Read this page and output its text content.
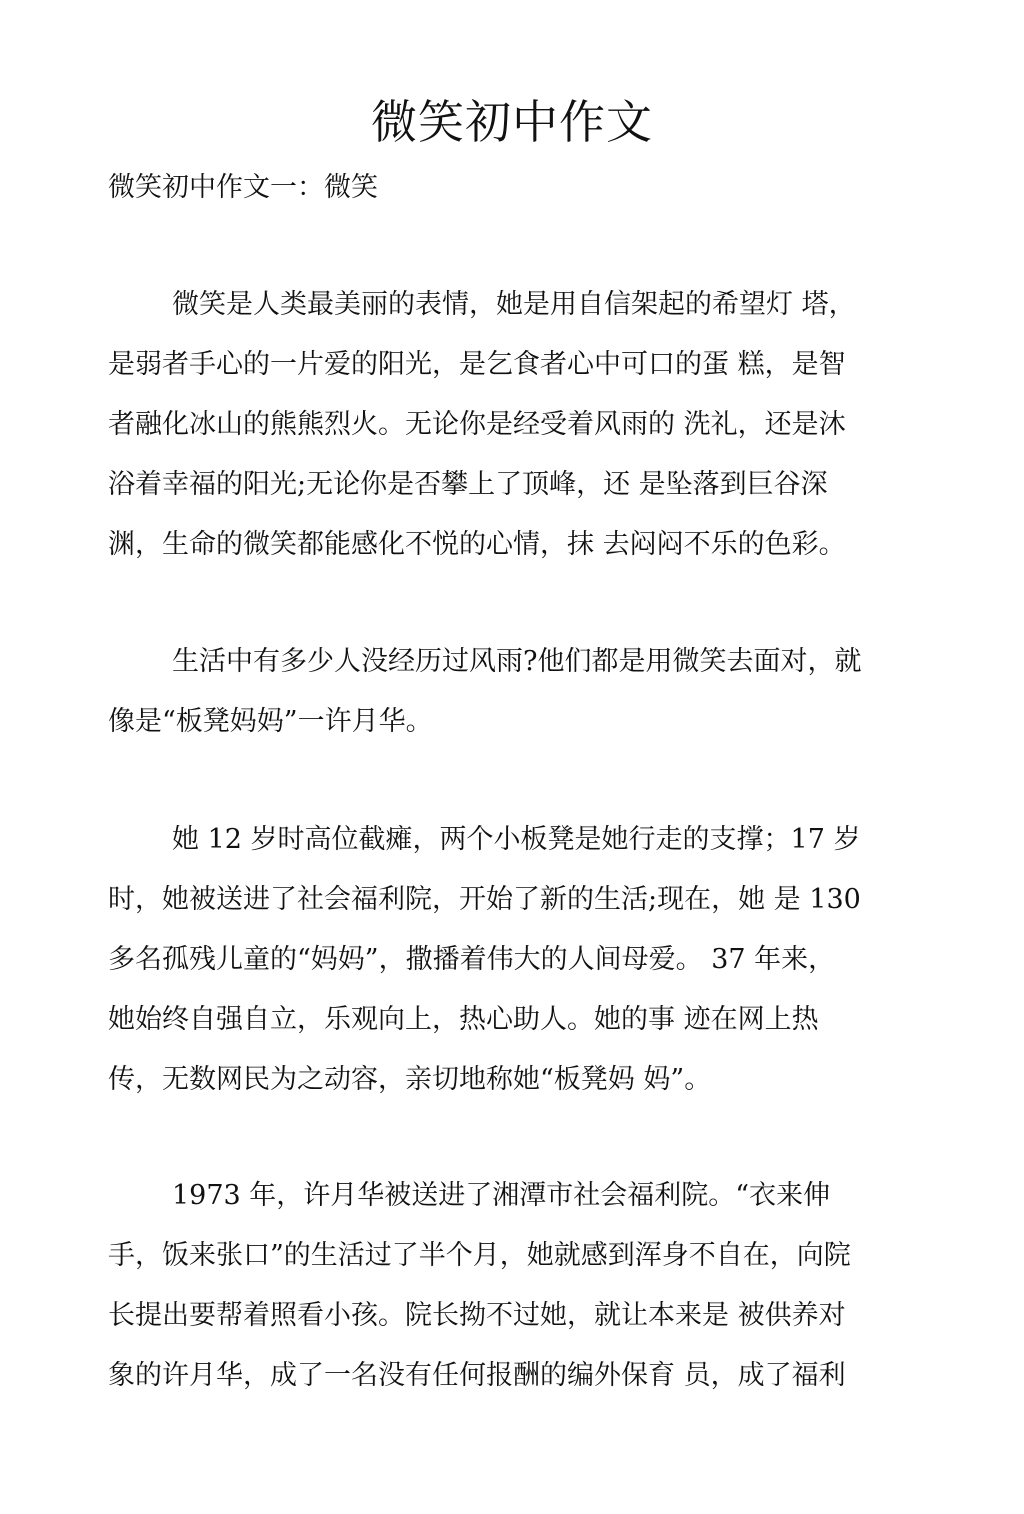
微笑初中作文

微笑初中作文一：微笑

微笑是人类最美丽的表情，她是用自信架起的希望灯 塔，
是弱者手心的一片爱的阳光，是乞食者心中可口的蛋 糕，是智
者融化冰山的熊熊烈火。无论你是经受着风雨的 洗礼，还是沐
浴着幸福的阳光;无论你是否攀上了顶峰，还 是坠落到巨谷深
渊，生命的微笑都能感化不悦的心情，抹 去闷闷不乐的色彩。
生活中有多少人没经历过风雨?他们都是用微笑去面对，就
像是“板凳妈妈”一许月华。
她 12 岁时高位截瘫，两个小板凳是她行走的支撑；17 岁
时，她被送进了社会福利院，开始了新的生活;现在，她 是 130
多名孤残儿童的“妈妈”，撒播着伟大的人间母爱。 37 年来，
她始终自强自立，乐观向上，热心助人。她的事 迹在网上热
传，无数网民为之动容，亲切地称她“板凳妈 妈”。
1973 年，许月华被送进了湘潭市社会福利院。“衣来伸
手，饭来张口”的生活过了半个月，她就感到浑身不自在，向院
长提出要帮着照看小孩。院长拗不过她，就让本来是 被供养对
象的许月华，成了一名没有任何报酬的编外保育 员，成了福利
